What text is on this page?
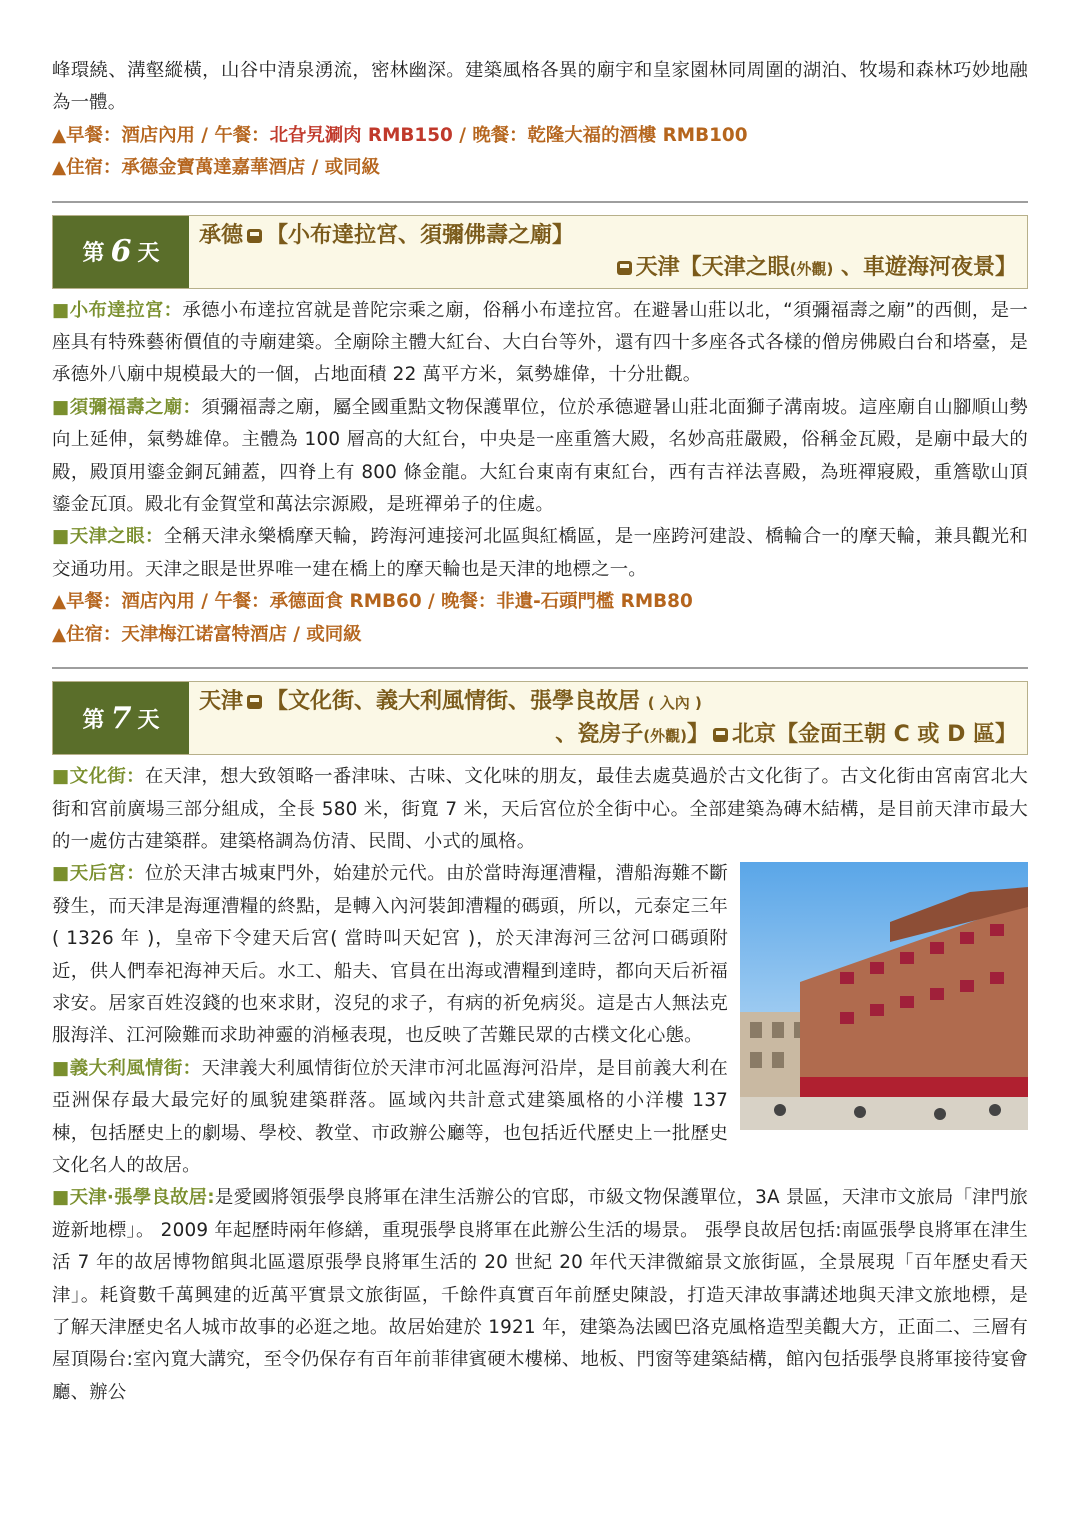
峰環繞、溝壑縱橫，山谷中清泉湧流，密林幽深。建築風格各異的廟宇和皇家園林同周圍的湖泊、牧場和森林巧妙地融為一體。

▲早餐：酒店內用 / 午餐：北旮旯涮肉 RMB150 / 晚餐：乾隆大福的酒樓 RMB100
▲住宿：承德金寶萬達嘉華酒店 / 或同級
第 6 天
承德 【小布達拉宮、須彌佛壽之廟】
天津【天津之眼(外觀) 、車遊海河夜景】

■小布達拉宮：承德小布達拉宮就是普陀宗乘之廟，俗稱小布達拉宮。在避暑山莊以北，“須彌福壽之廟”的西側，是一座具有特殊藝術價值的寺廟建築。全廟除主體大紅台、大白台等外，還有四十多座各式各樣的僧房佛殿白台和塔臺，是承德外八廟中規模最大的一個，占地面積 22 萬平方米，氣勢雄偉，十分壯觀。

■須彌福壽之廟：須彌福壽之廟，屬全國重點文物保護單位，位於承德避暑山莊北面獅子溝南坡。這座廟自山腳順山勢向上延伸，氣勢雄偉。主體為 100 層高的大紅台，中央是一座重簷大殿，名妙高莊嚴殿，俗稱金瓦殿，是廟中最大的殿，殿頂用鎏金銅瓦鋪蓋，四脊上有 800 條金龍。大紅台東南有東紅台，西有吉祥法喜殿，為班禪寢殿，重簷歇山頂鎏金瓦頂。殿北有金賀堂和萬法宗源殿，是班禪弟子的住處。

■天津之眼：全稱天津永樂橋摩天輪，跨海河連接河北區與紅橋區，是一座跨河建設、橋輪合一的摩天輪，兼具觀光和交通功用。天津之眼是世界唯一建在橋上的摩天輪也是天津的地標之一。

▲早餐：酒店內用 / 午餐：承德面食 RMB60 / 晚餐：非遺-石頭門檻 RMB80
▲住宿：天津梅江诺富特酒店 / 或同級
第 7 天
天津 【文化街、義大利風情街、張學良故居 ( 入內 )
、瓷房子(外觀)】 北京【金面王朝 C 或 D 區】

■文化街：在天津，想大致領略一番津味、古味、文化味的朋友，最佳去處莫過於古文化街了。古文化街由宮南宮北大街和宮前廣場三部分組成，全長 580 米，街寬 7 米，天后宮位於全街中心。全部建築為磚木結構，是目前天津市最大的一處仿古建築群。建築格調為仿清、民間、小式的風格。

■天后宮：位於天津古城東門外，始建於元代。由於當時海運漕糧，漕船海難不斷發生，而天津是海運漕糧的終點，是轉入內河裝卸漕糧的碼頭，所以，元泰定三年( 1326 年 )，皇帝下令建天后宮( 當時叫天妃宮 )，於天津海河三岔河口碼頭附近，供人們奉祀海神天后。水工、船夫、官員在出海或漕糧到達時，都向天后祈福求安。居家百姓沒錢的也來求財，沒兒的求子，有病的祈免病災。這是古人無法克服海洋、江河險難而求助神靈的消極表現，也反映了苦難民眾的古樸文化心態。

■義大利風情街：天津義大利風情街位於天津市河北區海河沿岸，是目前義大利在亞洲保存最大最完好的風貌建築群落。區域內共計意式建築風格的小洋樓 137 棟，包括歷史上的劇場、學校、教堂、市政辦公廳等，也包括近代歷史上一批歷史文化名人的故居。

■天津·張學良故居:是愛國將領張學良將軍在津生活辦公的官邸，市級文物保護單位，3A 景區，天津市文旅局「津門旅遊新地標」。 2009 年起歷時兩年修繕，重現張學良將軍在此辦公生活的場景。 張學良故居包括:南區張學良將軍在津生活 7 年的故居博物館與北區還原張學良將軍生活的 20 世紀 20 年代天津微縮景文旅街區，全景展現「百年歷史看天津」。耗資數千萬興建的近萬平實景文旅街區，千餘件真實百年前歷史陳設，打造天津故事講述地與天津文旅地標，是了解天津歷史名人城市故事的必逛之地。故居始建於 1921 年，建築為法國巴洛克風格造型美觀大方，正面二、三層有屋頂陽台:室內寬大講究，至令仍保存有百年前菲律賓硬木樓梯、地板、門窗等建築結構，館內包括張學良將軍接待宴會廳、辦公
